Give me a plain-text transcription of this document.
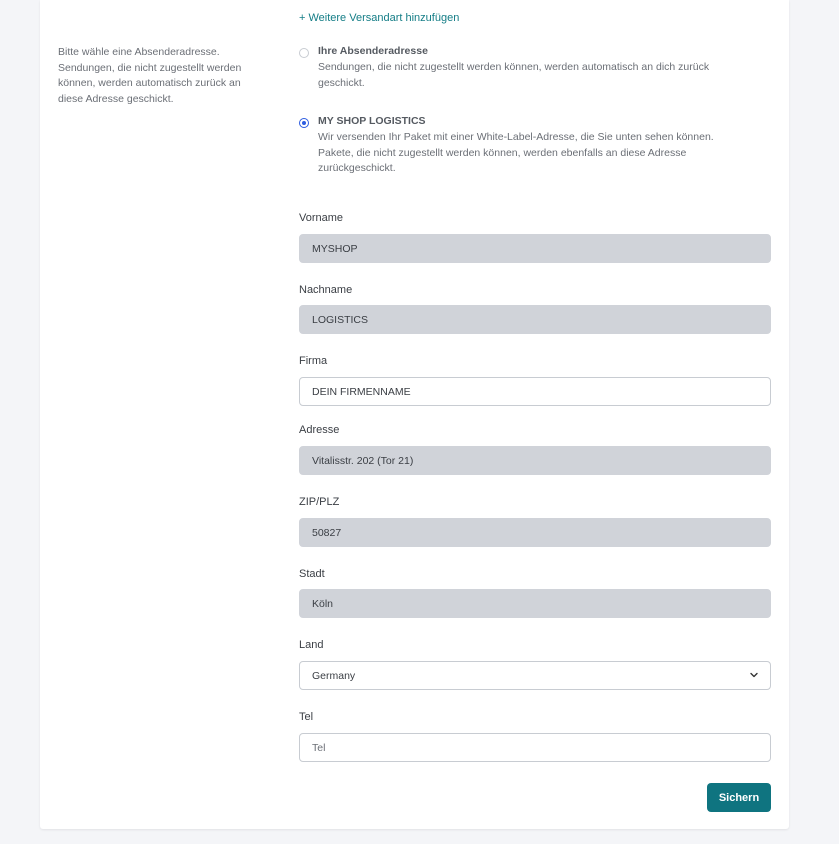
+ Weitere Versandart hinzufügen
Bitte wähle eine Absenderadresse. Sendungen, die nicht zugestellt werden können, werden automatisch zurück an diese Adresse geschickt.
Ihre Absenderadresse
Sendungen, die nicht zugestellt werden können, werden automatisch an dich zurück geschickt.
MY SHOP LOGISTICS
Wir versenden Ihr Paket mit einer White-Label-Adresse, die Sie unten sehen können. Pakete, die nicht zugestellt werden können, werden ebenfalls an diese Adresse zurückgeschickt.
Vorname
MYSHOP
Nachname
LOGISTICS
Firma
DEIN FIRMENNAME
Adresse
Vitalisstr. 202 (Tor 21)
ZIP/PLZ
50827
Stadt
Köln
Land
Germany
Tel
Tel
Sichern
